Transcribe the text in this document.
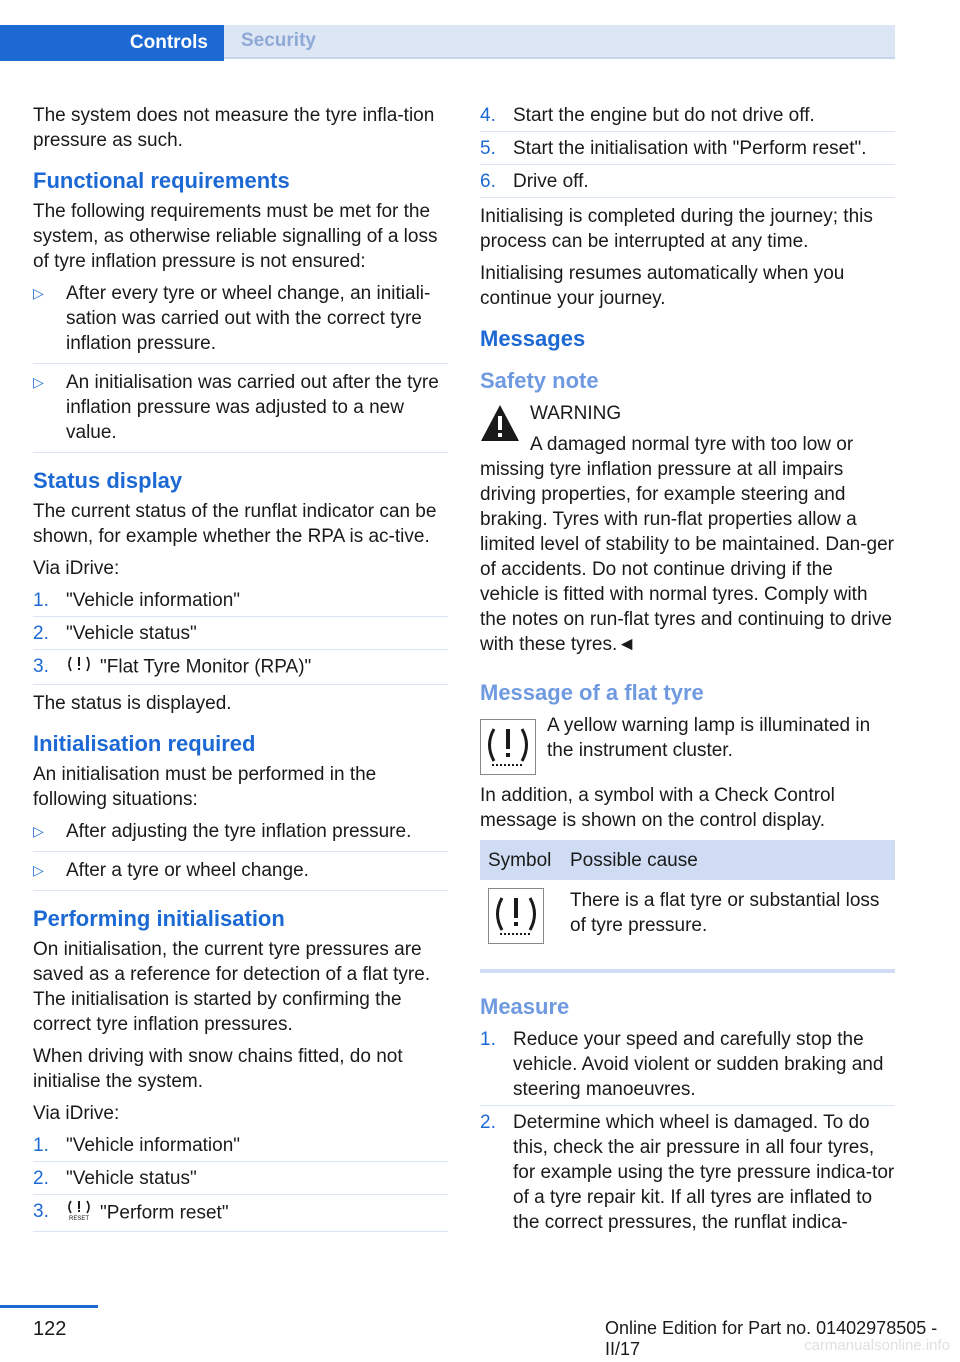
Controls	Security

The system does not measure the tyre infla-tion pressure as such.

Functional requirements

The following requirements must be met for the system, as otherwise reliable signalling of a loss of tyre inflation pressure is not ensured:

▷ After every tyre or wheel change, an initiali-sation was carried out with the correct tyre inflation pressure.
▷ An initialisation was carried out after the tyre inflation pressure was adjusted to a new value.
Status display

The current status of the runflat indicator can be shown, for example whether the RPA is ac-tive.

Via iDrive:

1. "Vehicle information"
2. "Vehicle status"
3.	"Flat Tyre Monitor (RPA)"

The status is displayed.

Initialisation required

An initialisation must be performed in the following situations:

▷ After adjusting the tyre inflation pressure.
▷ After a tyre or wheel change.
Performing initialisation

On initialisation, the current tyre pressures are saved as a reference for detection of a flat tyre. The initialisation is started by confirming the correct tyre inflation pressures.

When driving with snow chains fitted, do not initialise the system.

Via iDrive:

1. "Vehicle information"
2. "Vehicle status"
3.	RESET "Perform reset"
4. Start the engine but do not drive off.
5. Start the initialisation with "Perform reset".
6. Drive off.

Initialising is completed during the journey; this process can be interrupted at any time.

Initialising resumes automatically when you continue your journey.

Messages
Safety note

WARNING

A damaged normal tyre with too low or

missing tyre inflation pressure at all impairs driving properties, for example steering and braking. Tyres with run-flat properties allow a limited level of stability to be maintained. Dan-ger of accidents. Do not continue driving if the vehicle is fitted with normal tyres. Comply with the notes on run-flat tyres and continuing to drive with these tyres.◄

Message of a flat tyre

A yellow warning lamp is illuminated in the instrument cluster.

In addition, a symbol with a Check Control message is shown on the control display.

Symbol	Possible cause
	There is a flat tyre or substantial loss of tyre pressure.
Measure
1. Reduce your speed and carefully stop the vehicle. Avoid violent or sudden braking and steering manoeuvres.
2. Determine which wheel is damaged. To do this, check the air pressure in all four tyres, for example using the tyre pressure indica-tor of a tyre repair kit. If all tyres are inflated to the correct pressures, the runflat indica-
122	Online Edition for Part no. 01402978505 - II/17	carmanualsonline.info
